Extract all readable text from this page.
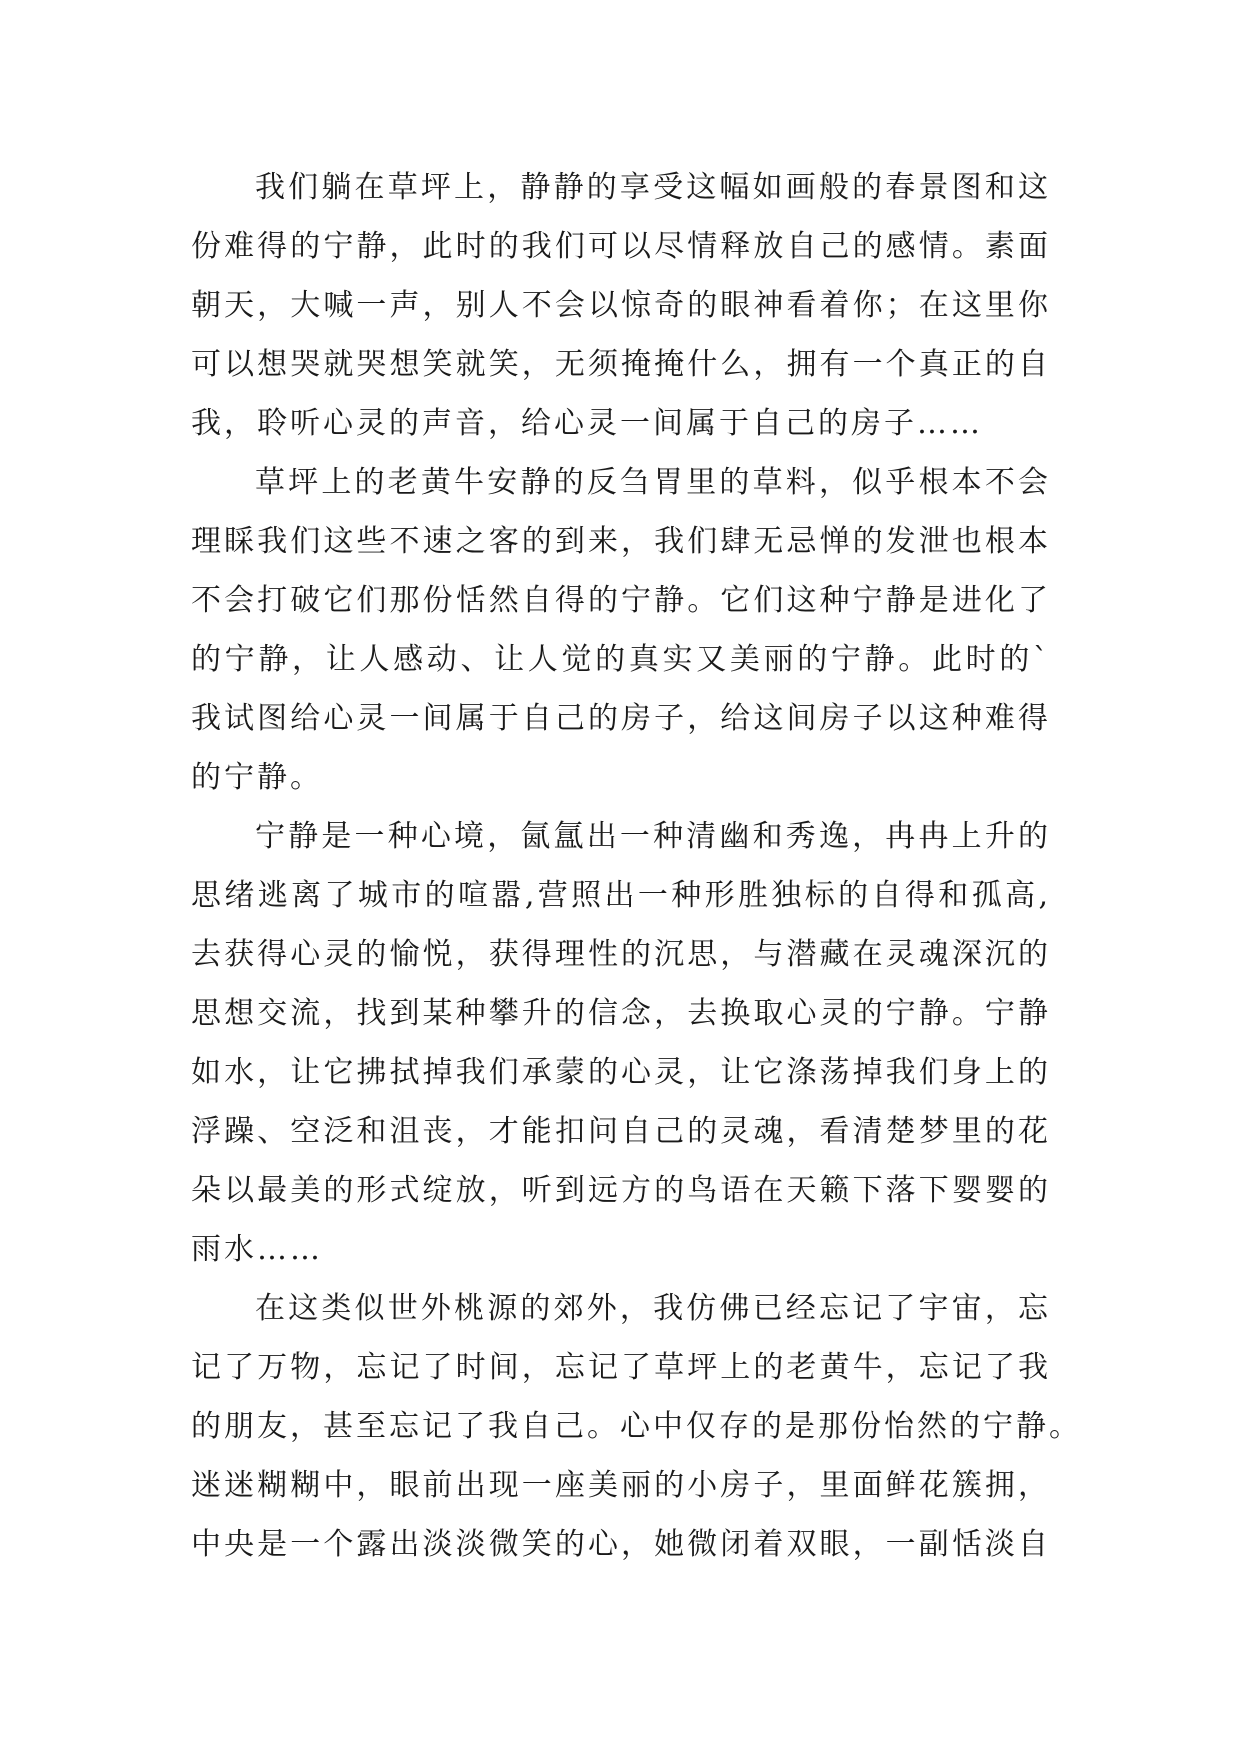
我们躺在草坪上，静静的享受这幅如画般的春景图和这
份难得的宁静，此时的我们可以尽情释放自己的感情。素面
朝天，大喊一声，别人不会以惊奇的眼神看着你；在这里你
可以想哭就哭想笑就笑，无须掩掩什么，拥有一个真正的自
我，聆听心灵的声音，给心灵一间属于自己的房子……

草坪上的老黄牛安静的反刍胃里的草料，似乎根本不会
理睬我们这些不速之客的到来，我们肆无忌惮的发泄也根本
不会打破它们那份恬然自得的宁静。它们这种宁静是进化了
的宁静，让人感动、让人觉的真实又美丽的宁静。此时的`
我试图给心灵一间属于自己的房子，给这间房子以这种难得
的宁静。

宁静是一种心境，氤氲出一种清幽和秀逸，冉冉上升的
思绪逃离了城市的喧嚣,营照出一种形胜独标的自得和孤高,
去获得心灵的愉悦，获得理性的沉思，与潜藏在灵魂深沉的
思想交流，找到某种攀升的信念，去换取心灵的宁静。宁静
如水，让它拂拭掉我们承蒙的心灵，让它涤荡掉我们身上的
浮躁、空泛和沮丧，才能扣问自己的灵魂，看清楚梦里的花
朵以最美的形式绽放，听到远方的鸟语在天籁下落下婴婴的
雨水……

在这类似世外桃源的郊外，我仿佛已经忘记了宇宙，忘
记了万物，忘记了时间，忘记了草坪上的老黄牛，忘记了我
的朋友，甚至忘记了我自己。心中仅存的是那份怡然的宁静。
迷迷糊糊中，眼前出现一座美丽的小房子，里面鲜花簇拥，
中央是一个露出淡淡微笑的心，她微闭着双眼，一副恬淡自
